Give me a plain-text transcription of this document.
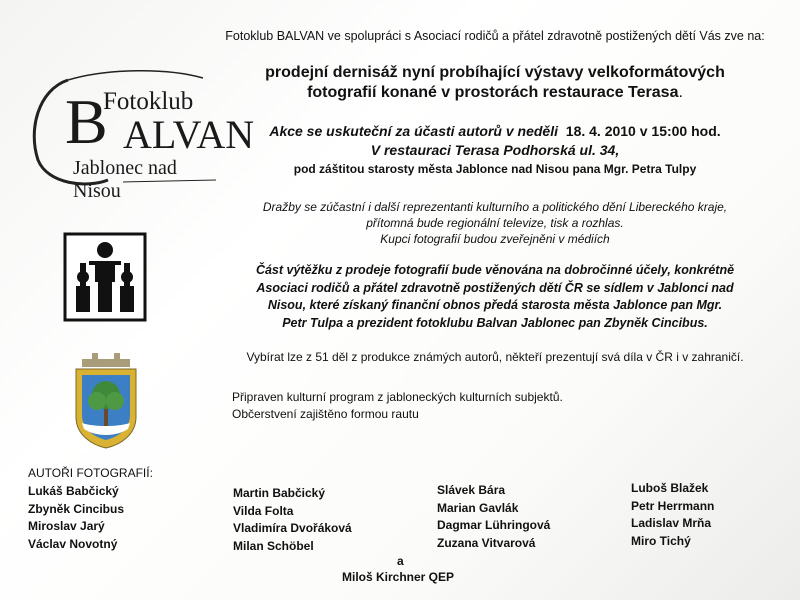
Fotoklub
B ALVAN
Jablonec nad Nisou
Fotoklub BALVAN ve spolupráci s Asociací rodičů a přátel zdravotně postižených dětí Vás zve na:
prodejní dernisáž nyní probíhající výstavy velkoformátových
fotografií konané v prostorách restaurace Terasa.
Akce se uskuteční za účasti autorů v neděli 18. 4. 2010 v 15:00 hod.
V restauraci Terasa Podhorská ul. 34,
pod záštitou starosty města Jablonce nad Nisou pana Mgr. Petra Tulpy
Dražby se zúčastní i další reprezentanti kulturního a politického dění Libereckého kraje,
přítomná bude regionální televize, tisk a rozhlas.
Kupci fotografií budou zveřejněni v médiích
Část výtěžku z prodeje fotografií bude věnována na dobročinné účely, konkrétně
Asociaci rodičů a přátel zdravotně postižených dětí ČR se sídlem v Jablonci nad
Nisou, které získaný finanční obnos předá starosta města Jablonce pan Mgr.
Petr Tulpa a prezident fotoklubu Balvan Jablonec pan Zbyněk Cincibus.
Vybírat lze z 51 děl z produkce známých autorů, někteří prezentují svá díla v ČR i v zahraničí.
Připraven kulturní program z jabloneckých kulturních subjektů.
Občerstvení zajištěno formou rautu
AUTOŘI FOTOGRAFIÍ:
Lukáš Babčický
Zbyněk Cincibus
Miroslav Jarý
Václav Novotný
Martin Babčický
Vilda Folta
Vladimíra Dvořáková
Milan Schöbel
Slávek Bára
Marian Gavlák
Dagmar Lühringová
Zuzana Vitvarová
Luboš Blažek
Petr Herrmann
Ladislav Mrňa
Miro Tichý
a
Miloš Kirchner QEP
